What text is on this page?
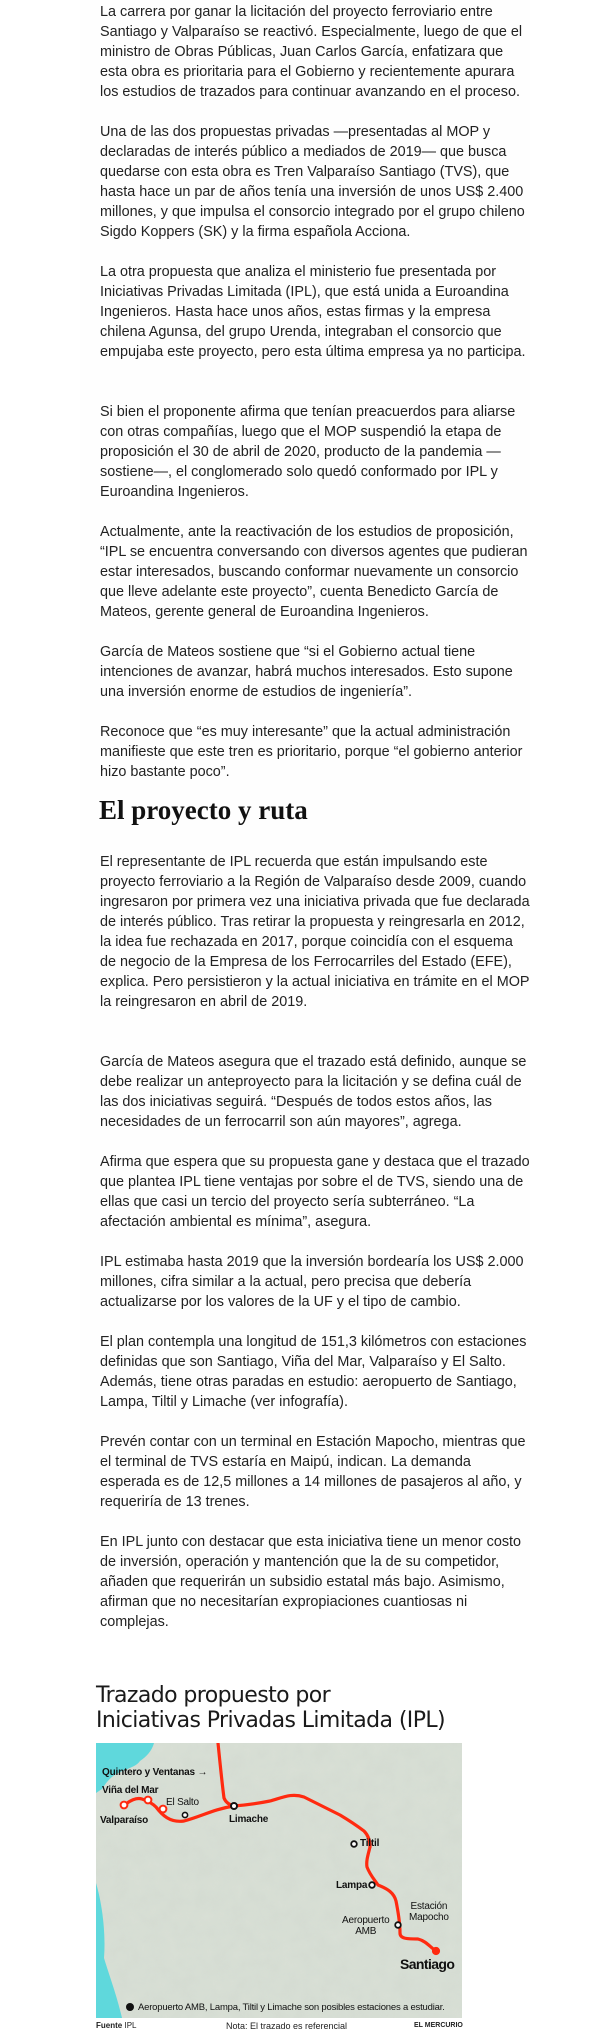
La carrera por ganar la licitación del proyecto ferroviario entre Santiago y Valparaíso se reactivó. Especialmente, luego de que el ministro de Obras Públicas, Juan Carlos García, enfatizara que esta obra es prioritaria para el Gobierno y recientemente apurara los estudios de trazados para continuar avanzando en el proceso.

Una de las dos propuestas privadas —presentadas al MOP y declaradas de interés público a mediados de 2019— que busca quedarse con esta obra es Tren Valparaíso Santiago (TVS), que hasta hace un par de años tenía una inversión de unos US$ 2.400 millones, y que impulsa el consorcio integrado por el grupo chileno Sigdo Koppers (SK) y la firma española Acciona.

La otra propuesta que analiza el ministerio fue presentada por Iniciativas Privadas Limitada (IPL), que está unida a Euroandina Ingenieros. Hasta hace unos años, estas firmas y la empresa chilena Agunsa, del grupo Urenda, integraban el consorcio que empujaba este proyecto, pero esta última empresa ya no participa.

Si bien el proponente afirma que tenían preacuerdos para aliarse con otras compañías, luego que el MOP suspendió la etapa de proposición el 30 de abril de 2020, producto de la pandemia —sostiene—, el conglomerado solo quedó conformado por IPL y Euroandina Ingenieros.

Actualmente, ante la reactivación de los estudios de proposición, “IPL se encuentra conversando con diversos agentes que pudieran estar interesados, buscando conformar nuevamente un consorcio que lleve adelante este proyecto”, cuenta Benedicto García de Mateos, gerente general de Euroandina Ingenieros.

García de Mateos sostiene que “si el Gobierno actual tiene intenciones de avanzar, habrá muchos interesados. Esto supone una inversión enorme de estudios de ingeniería”.

Reconoce que “es muy interesante” que la actual administración manifieste que este tren es prioritario, porque “el gobierno anterior hizo bastante poco”.

El proyecto y ruta

El representante de IPL recuerda que están impulsando este proyecto ferroviario a la Región de Valparaíso desde 2009, cuando ingresaron por primera vez una iniciativa privada que fue declarada de interés público. Tras retirar la propuesta y reingresarla en 2012, la idea fue rechazada en 2017, porque coincidía con el esquema de negocio de la Empresa de los Ferrocarriles del Estado (EFE), explica. Pero persistieron y la actual iniciativa en trámite en el MOP la reingresaron en abril de 2019.

García de Mateos asegura que el trazado está definido, aunque se debe realizar un anteproyecto para la licitación y se defina cuál de las dos iniciativas seguirá. “Después de todos estos años, las necesidades de un ferrocarril son aún mayores”, agrega.

Afirma que espera que su propuesta gane y destaca que el trazado que plantea IPL tiene ventajas por sobre el de TVS, siendo una de ellas que casi un tercio del proyecto sería subterráneo. “La afectación ambiental es mínima”, asegura.

IPL estimaba hasta 2019 que la inversión bordearía los US$ 2.000 millones, cifra similar a la actual, pero precisa que debería actualizarse por los valores de la UF y el tipo de cambio.

El plan contempla una longitud de 151,3 kilómetros con estaciones definidas que son Santiago, Viña del Mar, Valparaíso y El Salto. Además, tiene otras paradas en estudio: aeropuerto de Santiago, Lampa, Tiltil y Limache (ver infografía).

Prevén contar con un terminal en Estación Mapocho, mientras que el terminal de TVS estaría en Maipú, indican. La demanda esperada es de 12,5 millones a 14 millones de pasajeros al año, y requeriría de 13 trenes.

En IPL junto con destacar que esta iniciativa tiene un menor costo de inversión, operación y mantención que la de su competidor, añaden que requerirán un subsidio estatal más bajo. Asimismo, afirman que no necesitarían expropiaciones cuantiosas ni complejas.

Trazado propuesto por
Iniciativas Privadas Limitada (IPL)
Quintero y Ventanas →
Viña del Mar
Valparaíso
El Salto
Limache
Tiltil
Lampa
Aeropuerto
AMB
Estación
Mapocho
Santiago
Aeropuerto AMB, Lampa, Tiltil y Limache son posibles estaciones a estudiar.
Fuente IPL	Nota: El trazado es referencial	EL MERCURIO
